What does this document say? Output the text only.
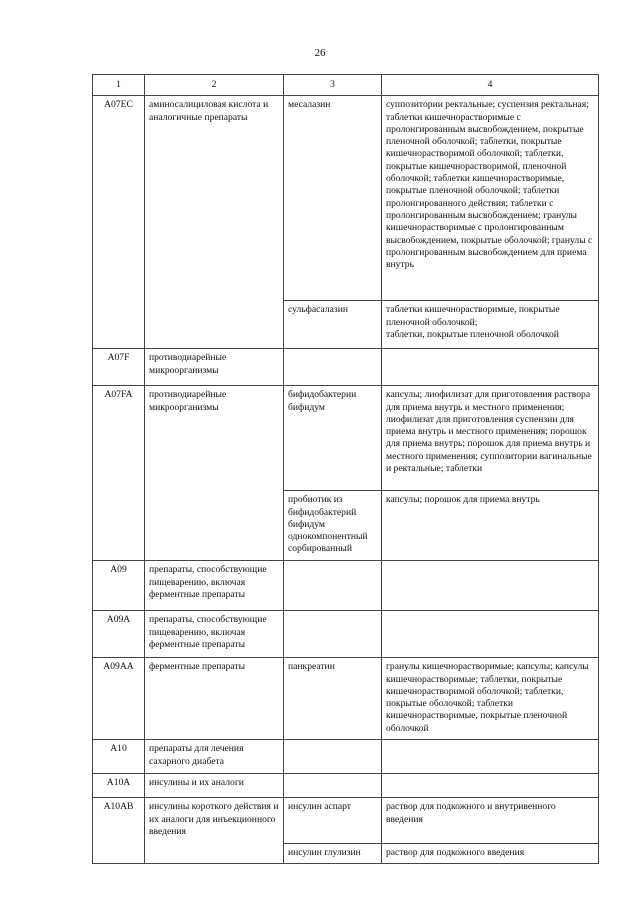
26
1	2	3	4
A07EC	аминосалициловая кислота и аналогичные препараты	месалазин	суппозитории ректальные; суспензия ректальная; таблетки кишечнорастворимые с пролонгированным высвобождением, покрытые пленочной оболочкой; таблетки, покрытые кишечнорастворимой оболочкой; таблетки, покрытые кишечнорастворимой, пленочной оболочкой; таблетки кишечнорастворимые, покрытые пленочной оболочкой; таблетки пролонгированного действия; таблетки с пролонгированным высвобождением; гранулы кишечнорастворимые с пролонгированным высвобождением, покрытые оболочкой; гранулы с пролонгированным высвобождением для приема внутрь
		сульфасалазин	таблетки кишечнорастворимые, покрытые пленочной оболочкой;
таблетки, покрытые пленочной оболочкой

A07F	противодиарейные микроорганизмы		
A07FA	противодиарейные микроорганизмы	бифидобактерии бифидум	капсулы; лиофилизат для приготовления раствора для приема внутрь и местного применения; лиофилизат для приготовления суспензии для приема внутрь и местного применения; порошок для приема внутрь; порошок для приема внутрь и местного применения; суппозитории вагинальные и ректальные; таблетки
		пробиотик из бифидобактерий бифидум однокомпонентный сорбированный	капсулы; порошок для приема внутрь
A09	препараты, способствующие пищеварению, включая ферментные препараты		
A09A	препараты, способствующие пищеварению, включая ферментные препараты		
A09AA	ферментные препараты	панкреатин	гранулы кишечнорастворимые; капсулы; капсулы кишечнорастворимые; таблетки, покрытые кишечнорастворимой оболочкой; таблетки, покрытые оболочкой; таблетки кишечнорастворимые, покрытые пленочной оболочкой
A10	препараты для лечения сахарного диабета		
A10A	инсулины и их аналоги		
A10AB	инсулины короткого действия и их аналоги для инъекционного введения	инсулин аспарт	раствор для подкожного и внутривенного введения
		инсулин глулизин	раствор для подкожного введения
